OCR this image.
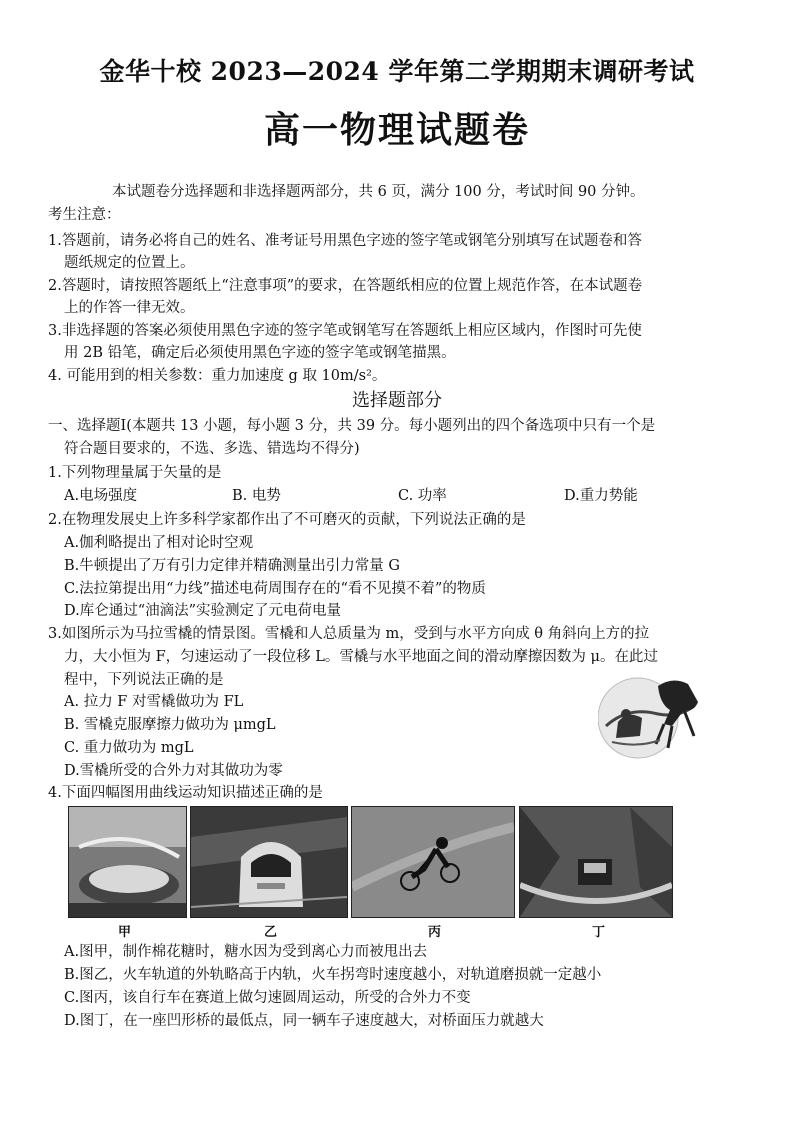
金华十校 2023—2024 学年第二学期期末调研考试
高一物理试题卷
本试题卷分选择题和非选择题两部分，共 6 页，满分 100 分，考试时间 90 分钟。
考生注意：
1.答题前，请务必将自己的姓名、准考证号用黑色字迹的签字笔或钢笔分别填写在试题卷和答
题纸规定的位置上。
2.答题时，请按照答题纸上“注意事项”的要求，在答题纸相应的位置上规范作答，在本试题卷
上的作答一律无效。
3.非选择题的答案必须使用黑色字迹的签字笔或钢笔写在答题纸上相应区域内，作图时可先使
用 2B 铅笔，确定后必须使用黑色字迹的签字笔或钢笔描黑。
4. 可能用到的相关参数：重力加速度 g 取 10m/s²。
选择题部分
一、选择题Ⅰ(本题共 13 小题，每小题 3 分，共 39 分。每小题列出的四个备选项中只有一个是
符合题目要求的，不选、多选、错选均不得分)
1.下列物理量属于矢量的是
A.电场强度	B. 电势	C. 功率	D.重力势能
2.在物理发展史上许多科学家都作出了不可磨灭的贡献，下列说法正确的是
A.伽利略提出了相对论时空观
B.牛顿提出了万有引力定律并精确测量出引力常量 G
C.法拉第提出用“力线”描述电荷周围存在的“看不见摸不着”的物质
D.库仑通过“油滴法”实验测定了元电荷电量
3.如图所示为马拉雪橇的情景图。雪橇和人总质量为 m，受到与水平方向成 θ 角斜向上方的拉
力，大小恒为 F，匀速运动了一段位移 L。雪橇与水平地面之间的滑动摩擦因数为 μ。在此过
程中，下列说法正确的是
A. 拉力 F 对雪橇做功为 FL
B. 雪橇克服摩擦力做功为 μmgL
C. 重力做功为 mgL
D.雪橇所受的合外力对其做功为零
4.下面四幅图用曲线运动知识描述正确的是
甲	乙	丙	丁
A.图甲，制作棉花糖时，糖水因为受到离心力而被甩出去
B.图乙，火车轨道的外轨略高于内轨，火车拐弯时速度越小，对轨道磨损就一定越小
C.图丙，该自行车在赛道上做匀速圆周运动，所受的合外力不变
D.图丁，在一座凹形桥的最低点，同一辆车子速度越大，对桥面压力就越大
